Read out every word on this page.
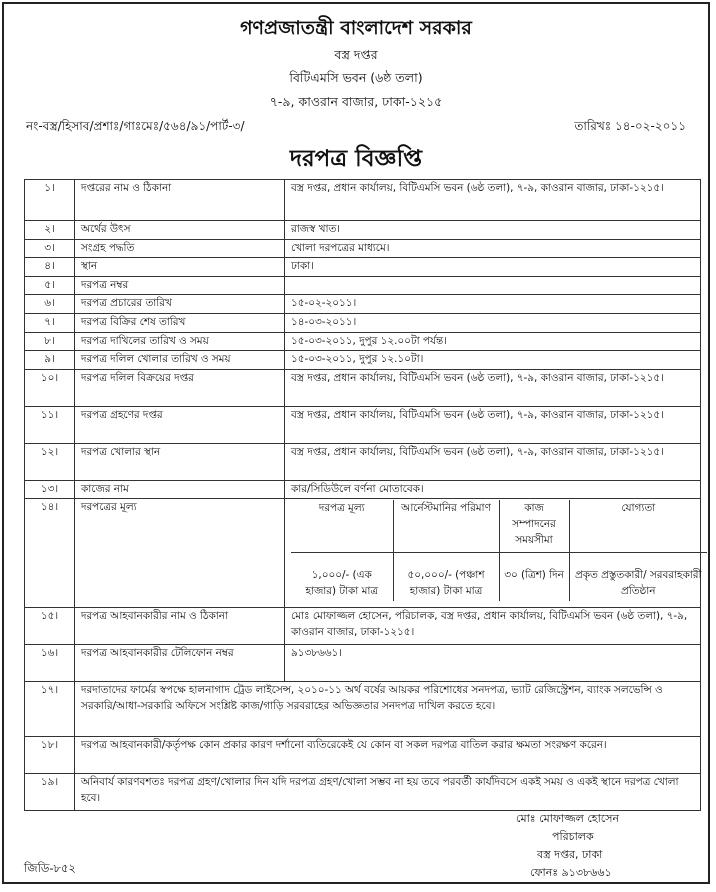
গণপ্রজাতন্ত্রী বাংলাদেশ সরকার
বস্ত্র দপ্তর
বিটিএমসি ভবন (৬ষ্ঠ তলা)
৭-৯, কাওরান বাজার, ঢাকা-১২১৫
নং-বস্ত্র/হিসাব/প্রশাঃ/গাঃমেঃ/৫৬৪/৯১/পার্ট-৩/	তারিখঃ ১৪-০২-২০১১
দরপত্র বিজ্ঞপ্তি
১।	দপ্তরের নাম ও ঠিকানা	বস্ত্র দপ্তর, প্রধান কার্যালয়, বিটিএমসি ভবন (৬ষ্ঠ তলা), ৭-৯, কাওরান বাজার, ঢাকা-১২১৫।
২।	অর্থের উৎস	রাজস্ব খাত।
৩।	সংগ্রহ পদ্ধতি	খোলা দরপত্রের মাধ্যমে।
৪।	স্থান	ঢাকা।
৫।	দরপত্র নম্বর	
৬।	দরপত্র প্রচারের তারিখ	১৫-০২-২০১১।
৭।	দরপত্র বিক্রির শেষ তারিখ	১৪-০৩-২০১১।
৮।	দরপত্র দাখিলের তারিখ ও সময়	১৫-০৩-২০১১, দুপুর ১২.০০টা পর্যন্ত।
৯।	দরপত্র দলিল খোলার তারিখ ও সময়	১৫-০৩-২০১১, দুপুর ১২.১০টা।
১০।	দরপত্র দলিল বিক্রয়ের দপ্তর	বস্ত্র দপ্তর, প্রধান কার্যালয়, বিটিএমসি ভবন (৬ষ্ঠ তলা), ৭-৯, কাওরান বাজার, ঢাকা-১২১৫।
১১।	দরপত্র গ্রহণের দপ্তর	বস্ত্র দপ্তর, প্রধান কার্যালয়, বিটিএমসি ভবন (৬ষ্ঠ তলা), ৭-৯, কাওরান বাজার, ঢাকা-১২১৫।
১২।	দরপত্র খোলার স্থান	বস্ত্র দপ্তর, প্রধান কার্যালয়, বিটিএমসি ভবন (৬ষ্ঠ তলা), ৭-৯, কাওরান বাজার, ঢাকা-১২১৫।
১৩।	কাজের নাম	কার/সিডিউলে বর্ণনা মোতাবেক।
১৪।	দরপত্রের মূল্য		দরপত্র মূল্য	আর্নেস্টমানির পরিমাণ	কাজ সম্পাদনের সময়সীমা	যোগ্যতা

১,০০০/- (এক হাজার) টাকা মাত্র	৫০,০০০/- (পঞ্চাশ হাজার) টাকা মাত্র	৩০ (ত্রিশ) দিন	প্রকৃত প্রস্তুতকারী/ সরবরাহকারী প্রতিষ্ঠান

১৫।	দরপত্র আহবানকারীর নাম ও ঠিকানা	মোঃ মোফাজ্জল হোসেন, পরিচালক, বস্ত্র দপ্তর, প্রধান কার্যালয়, বিটিএমসি ভবন (৬ষ্ঠ তলা), ৭-৯, কাওরান বাজার, ঢাকা-১২১৫।
১৬।	দরপত্র আহবানকারীর টেলিফোন নম্বর	৯১৩৮৬৬১।
১৭।	দরদাতাদের ফার্মের স্বপক্ষে হালনাগাদ ট্রেড লাইসেন্স, ২০১০-১১ অর্থ বর্ষের আয়কর পরিশোধের সনদপত্র, ভ্যাট রেজিস্ট্রেশন, ব্যাংক সলভেন্সি ও সরকারি/আধা-সরকারি অফিসে সংশ্লিষ্ট কাজ/গাড়ি সরবরাহের অভিজ্ঞতার সনদপত্র দাখিল করতে হবে।
১৮।	দরপত্র আহবানকারী/কর্তৃপক্ষ কোন প্রকার কারণ দর্শানো ব্যতিরেকেই যে কোন বা সকল দরপত্র বাতিল করার ক্ষমতা সংরক্ষণ করেন।
১৯।	অনিবার্য কারণবশতঃ দরপত্র গ্রহণ/খোলার দিন যদি দরপত্র গ্রহণ/খোলা সম্ভব না হয় তবে পরবর্তী কার্যদিবসে একই সময় ও একই স্থানে দরপত্র খোলা হবে।
মোঃ মোফাজ্জল হোসেন
পরিচালক
বস্ত্র দপ্তর, ঢাকা
ফোনঃ ৯১৩৮৬৬১
জিডি-৮৫২
